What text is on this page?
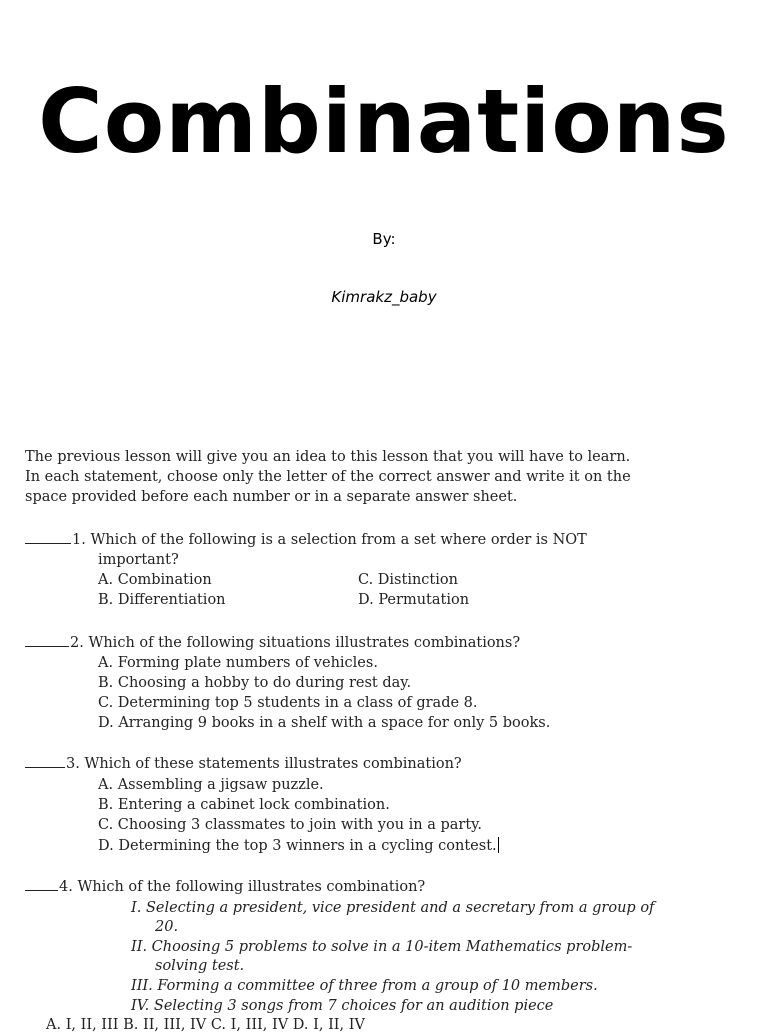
Combinations
By:
Kimrakz_baby
The previous lesson will give you an idea to this lesson that you will have to learn.
In each statement, choose only the letter of the correct answer and write it on the
space provided before each number or in a separate answer sheet.
1. Which of the following is a selection from a set where order is NOT
important?
A. Combination
B. Differentiation
C. Distinction
D. Permutation
2. Which of the following situations illustrates combinations?
A. Forming plate numbers of vehicles.
B. Choosing a hobby to do during rest day.
C. Determining top 5 students in a class of grade 8.
D. Arranging 9 books in a shelf with a space for only 5 books.
3. Which of these statements illustrates combination?
A. Assembling a jigsaw puzzle.
B. Entering a cabinet lock combination.
C. Choosing 3 classmates to join with you in a party.
D. Determining the top 3 winners in a cycling contest.
4. Which of the following illustrates combination?
I. Selecting a president, vice president and a secretary from a group of
20.
II. Choosing 5 problems to solve in a 10-item Mathematics problem-
solving test.
III. Forming a committee of three from a group of 10 members.
IV. Selecting 3 songs from 7 choices for an audition piece
A. I, II, III B. II, III, IV C. I, III, IV D. I, II, IV
